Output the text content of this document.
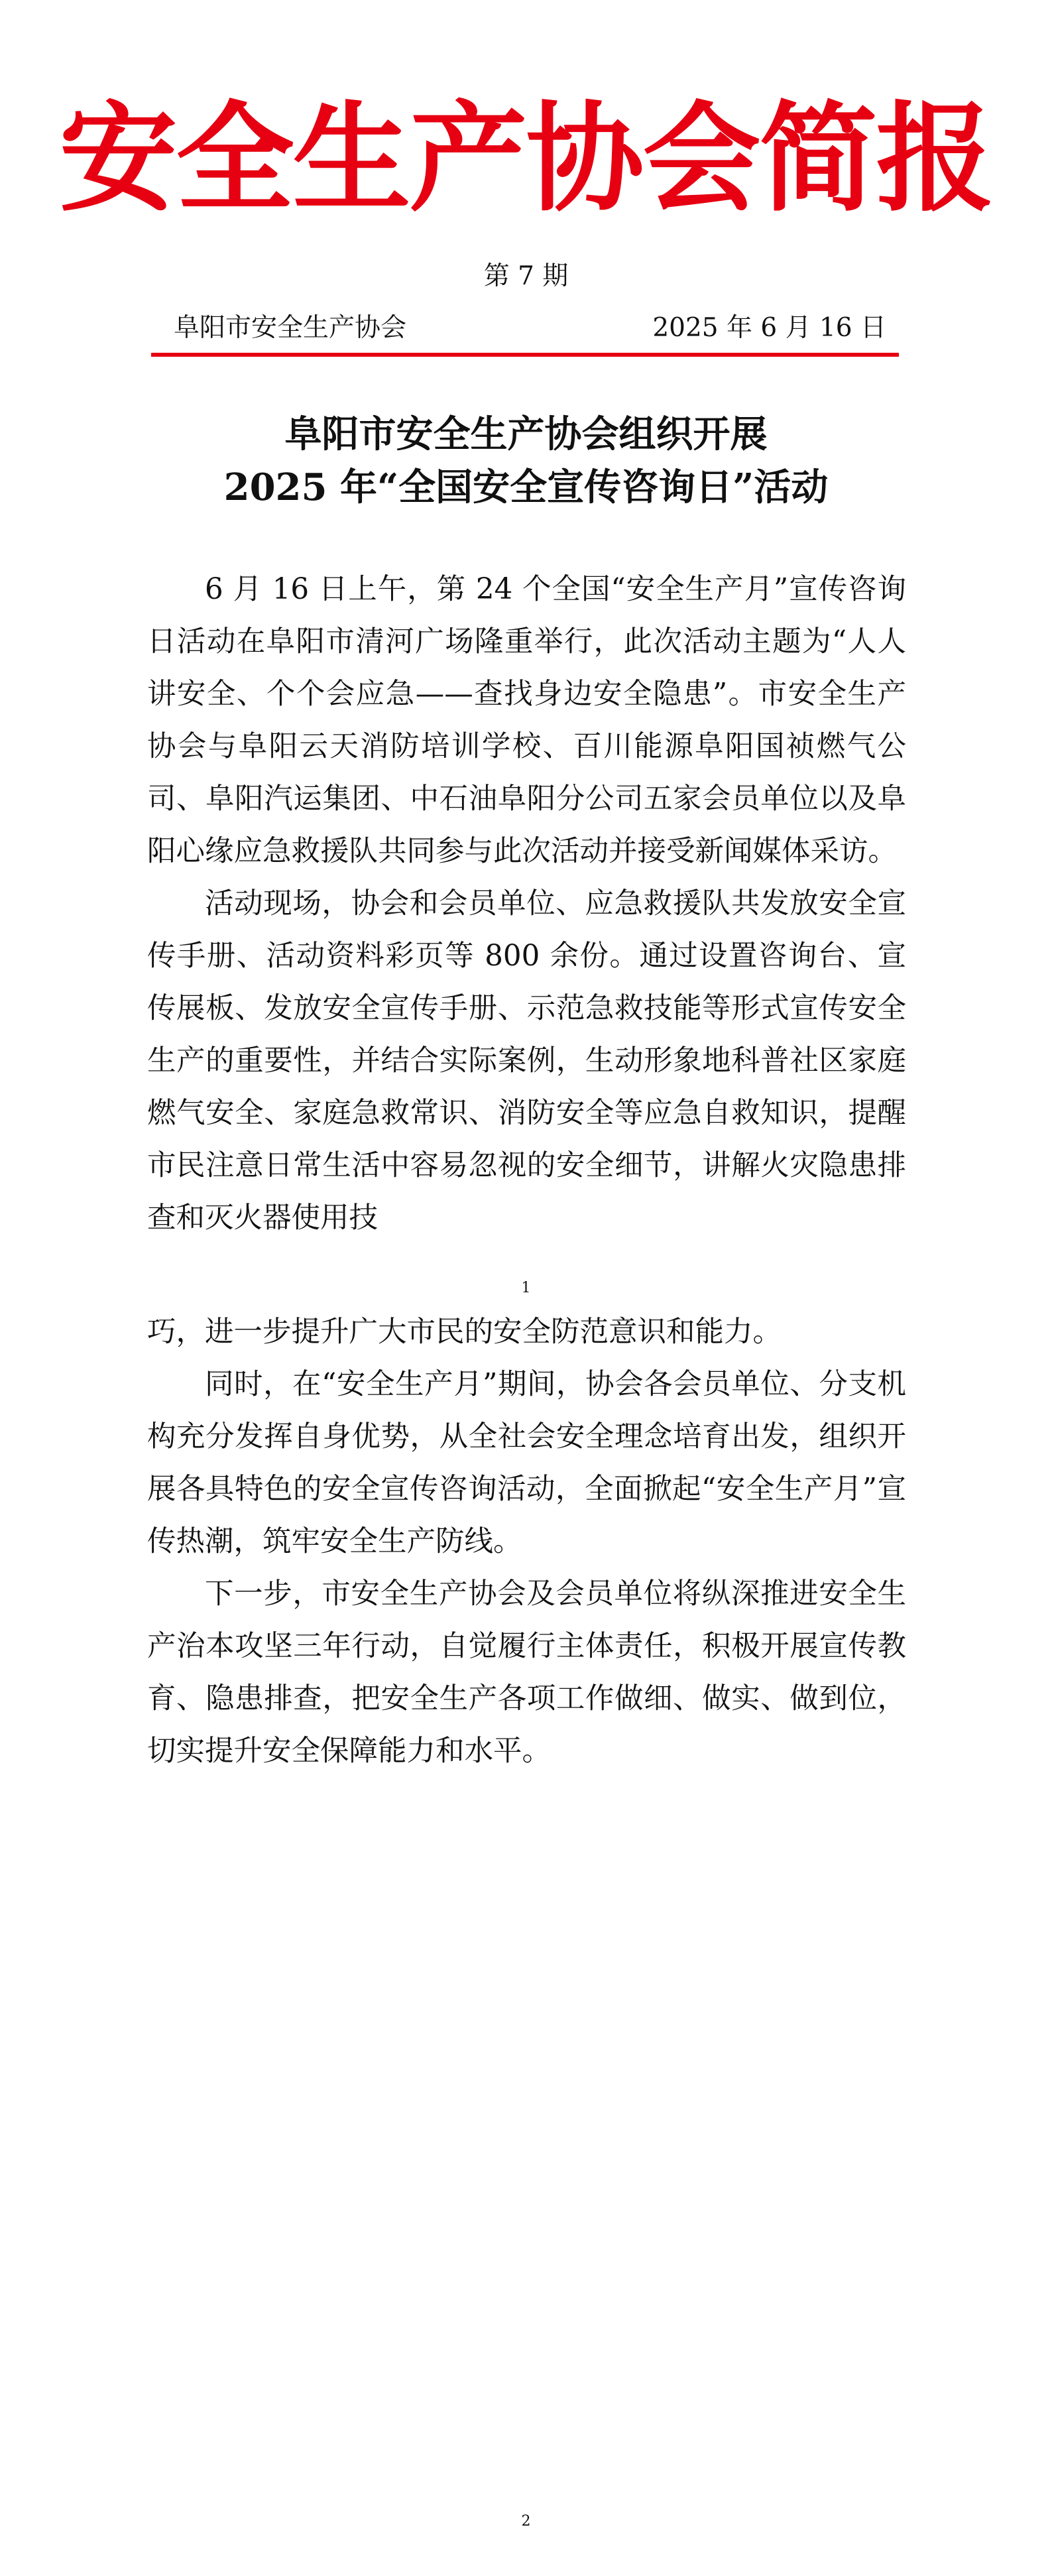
安全生产协会简报
第 7 期
阜阳市安全生产协会	2025 年 6 月 16 日
阜阳市安全生产协会组织开展
2025 年“全国安全宣传咨询日”活动

6 月 16 日上午，第 24 个全国“安全生产月”宣传咨询日活动在阜阳市清河广场隆重举行，此次活动主题为“人人讲安全、个个会应急——查找身边安全隐患”。市安全生产协会与阜阳云天消防培训学校、百川能源阜阳国祯燃气公司、阜阳汽运集团、中石油阜阳分公司五家会员单位以及阜阳心缘应急救援队共同参与此次活动并接受新闻媒体采访。

活动现场，协会和会员单位、应急救援队共发放安全宣传手册、活动资料彩页等 800 余份。通过设置咨询台、宣传展板、发放安全宣传手册、示范急救技能等形式宣传安全生产的重要性，并结合实际案例，生动形象地科普社区家庭燃气安全、家庭急救常识、消防安全等应急自救知识，提醒市民注意日常生活中容易忽视的安全细节，讲解火灾隐患排查和灭火器使用技

1

巧，进一步提升广大市民的安全防范意识和能力。

同时，在“安全生产月”期间，协会各会员单位、分支机构充分发挥自身优势，从全社会安全理念培育出发，组织开展各具特色的安全宣传咨询活动，全面掀起“安全生产月”宣传热潮，筑牢安全生产防线。

下一步，市安全生产协会及会员单位将纵深推进安全生产治本攻坚三年行动，自觉履行主体责任，积极开展宣传教育、隐患排查，把安全生产各项工作做细、做实、做到位，切实提升安全保障能力和水平。

2
